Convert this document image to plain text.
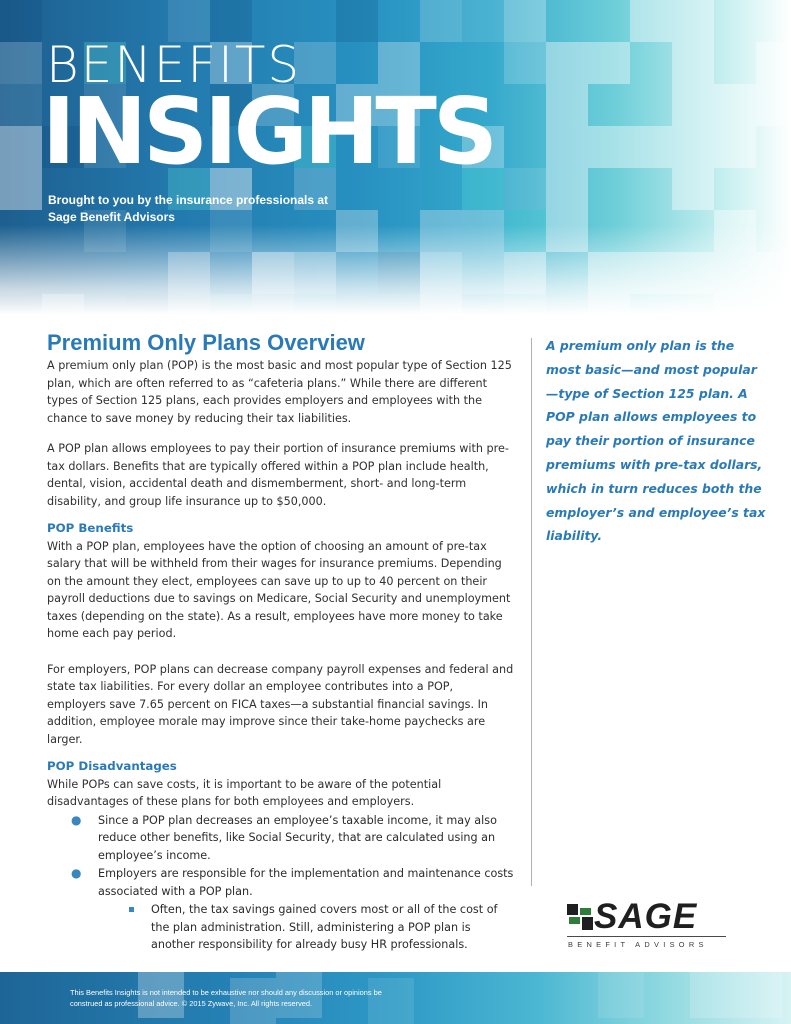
BENEFITS
INSIGHTS
Brought to you by the insurance professionals at
Sage Benefit Advisors
Premium Only Plans Overview

A premium only plan (POP) is the most basic and most popular type of Section 125 plan, which are often referred to as “cafeteria plans.” While there are different types of Section 125 plans, each provides employers and employees with the chance to save money by reducing their tax liabilities.

A POP plan allows employees to pay their portion of insurance premiums with pre-tax dollars. Benefits that are typically offered within a POP plan include health, dental, vision, accidental death and dismemberment, short- and long-term disability, and group life insurance up to $50,000.

POP Benefits

With a POP plan, employees have the option of choosing an amount of pre-tax salary that will be withheld from their wages for insurance premiums. Depending on the amount they elect, employees can save up to up to 40 percent on their payroll deductions due to savings on Medicare, Social Security and unemployment taxes (depending on the state). As a result, employees have more money to take home each pay period.

For employers, POP plans can decrease company payroll expenses and federal and state tax liabilities. For every dollar an employee contributes into a POP, employers save 7.65 percent on FICA taxes—a substantial financial savings. In addition, employee morale may improve since their take-home paychecks are larger.

POP Disadvantages

While POPs can save costs, it is important to be aware of the potential disadvantages of these plans for both employees and employers.

● Since a POP plan decreases an employee’s taxable income, it may also reduce other benefits, like Social Security, that are calculated using an employee’s income.
● Employers are responsible for the implementation and maintenance costs associated with a POP plan.
Often, the tax savings gained covers most or all of the cost of the plan administration. Still, administering a POP plan is another responsibility for already busy HR professionals.
A premium only plan is the most basic—and most popular—type of Section 125 plan. A POP plan allows employees to pay their portion of insurance premiums with pre-tax dollars, which in turn reduces both the employer’s and employee’s tax liability.
SAGE
BENEFIT ADVISORS
This Benefits Insights is not intended to be exhaustive nor should any discussion or opinions be
construed as professional advice. © 2015 Zywave, Inc. All rights reserved.
